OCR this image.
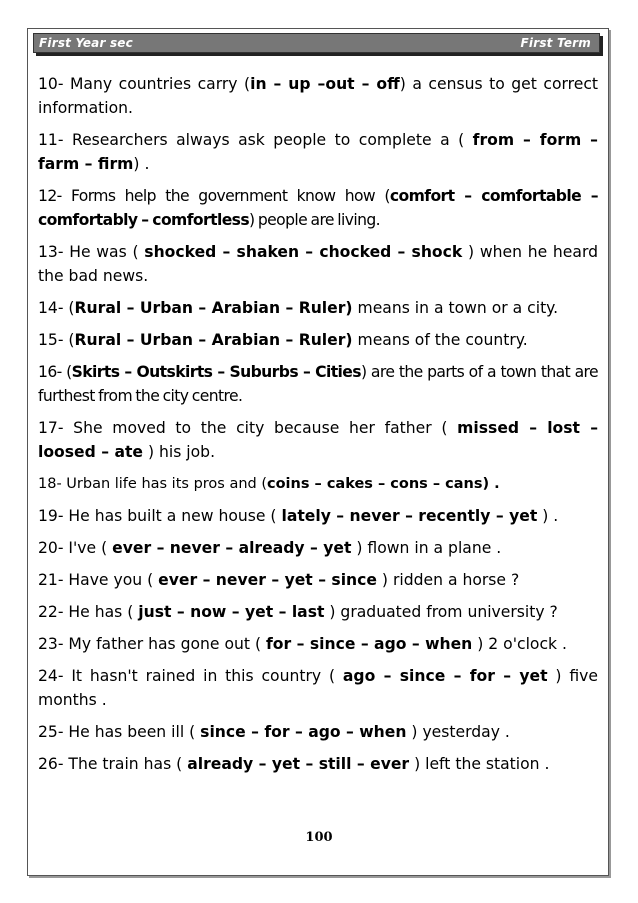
First Year sec	First Term

10- Many countries carry (in – up –out – off) a census to get correct information.

11- Researchers always ask people to complete a ( from – form – farm – firm) .

12- Forms help the government know how (comfort – comfortable – comfortably – comfortless) people are living.

13- He was ( shocked – shaken – chocked – shock ) when he heard the bad news.

14- (Rural – Urban – Arabian – Ruler) means in a town or a city.

15- (Rural – Urban – Arabian – Ruler) means of the country.

16- (Skirts – Outskirts – Suburbs – Cities) are the parts of a town that are furthest from the city centre.

17- She moved to the city because her father ( missed – lost – loosed – ate ) his job.

18- Urban life has its pros and (coins – cakes – cons – cans) .

19- He has built a new house ( lately – never – recently – yet ) .

20- I've ( ever – never – already – yet ) flown in a plane .

21- Have you ( ever – never – yet – since ) ridden a horse ?

22- He has ( just – now – yet – last ) graduated from university ?

23- My father has gone out ( for – since – ago – when ) 2 o'clock .

24- It hasn't rained in this country ( ago – since – for – yet ) five months .

25- He has been ill ( since – for – ago – when ) yesterday .

26- The train has ( already – yet – still – ever ) left the station .

100
